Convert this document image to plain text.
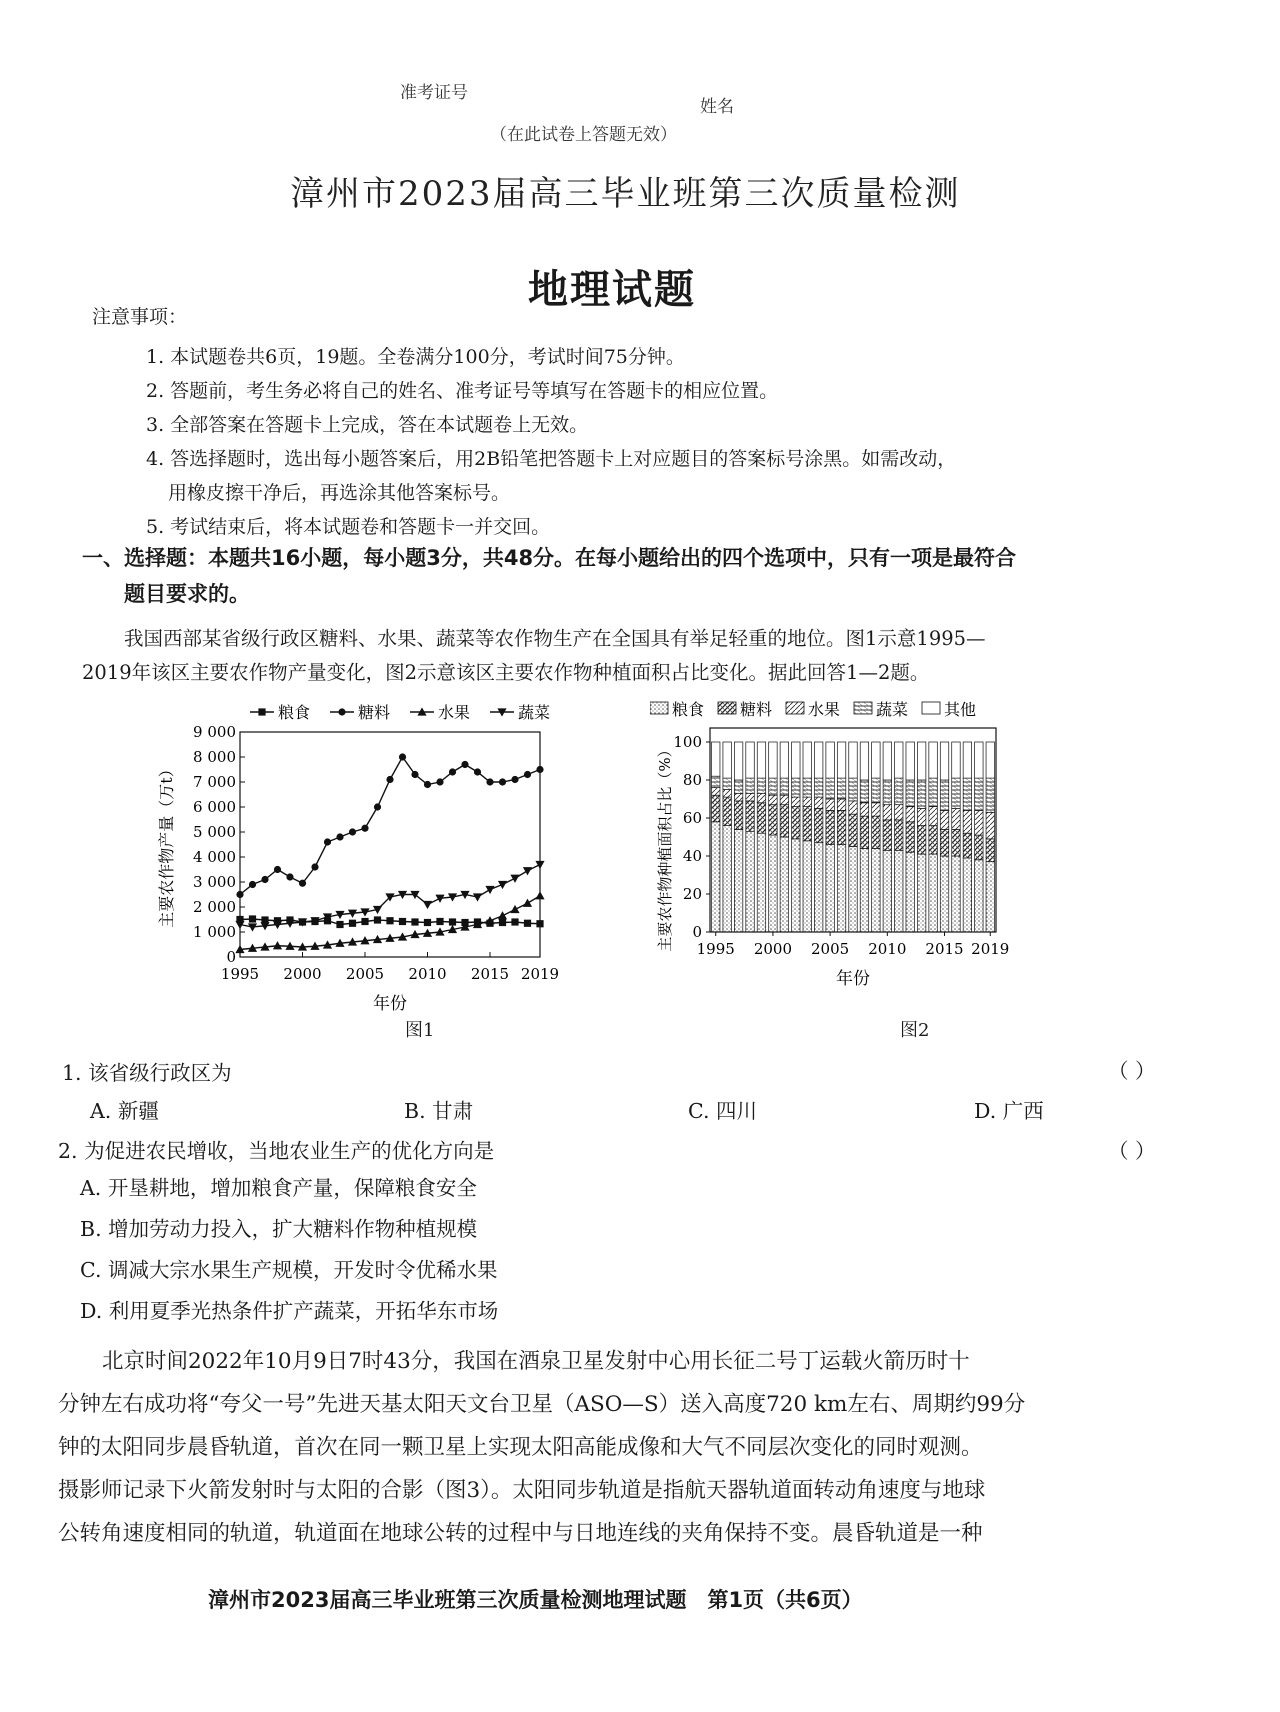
准考证号
姓名
（在此试卷上答题无效）
漳州市2023届高三毕业班第三次质量检测
地理试题
注意事项：
1. 本试题卷共6页，19题。全卷满分100分，考试时间75分钟。
2. 答题前，考生务必将自己的姓名、准考证号等填写在答题卡的相应位置。
3. 全部答案在答题卡上完成，答在本试题卷上无效。
4. 答选择题时，选出每小题答案后，用2B铅笔把答题卡上对应题目的答案标号涂黑。如需改动，
用橡皮擦干净后，再选涂其他答案标号。
5. 考试结束后，将本试题卷和答题卡一并交回。
一、选择题：本题共16小题，每小题3分，共48分。在每小题给出的四个选项中，只有一项是最符合
题目要求的。
我国西部某省级行政区糖料、水果、蔬菜等农作物生产在全国具有举足轻重的地位。图1示意1995—
2019年该区主要农作物产量变化，图2示意该区主要农作物种植面积占比变化。据此回答1—2题。
0
1 000
2 000
3 000
4 000
5 000
6 000
7 000
8 000
9 000
1995 2000 2005 2010 2015 2019
年份
主要农作物产量（万t）
粮食	糖料	水果	蔬菜
图1
0
20
40
60
80
100
1995 2000 2005 2010 2015 2019
年份
主要农作物种植面积占比（%）
粮食 糖料 水果 蔬菜 其他
图2
1. 该省级行政区为	（ ）
A. 新疆	B. 甘肃	C. 四川	D. 广西
2. 为促进农民增收，当地农业生产的优化方向是	（ ）
A. 开垦耕地，增加粮食产量，保障粮食安全
B. 增加劳动力投入，扩大糖料作物种植规模
C. 调减大宗水果生产规模，开发时令优稀水果
D. 利用夏季光热条件扩产蔬菜，开拓华东市场
北京时间2022年10月9日7时43分，我国在酒泉卫星发射中心用长征二号丁运载火箭历时十
分钟左右成功将“夸父一号”先进天基太阳天文台卫星（ASO—S）送入高度720 km左右、周期约99分
钟的太阳同步晨昏轨道，首次在同一颗卫星上实现太阳高能成像和大气不同层次变化的同时观测。
摄影师记录下火箭发射时与太阳的合影（图3）。太阳同步轨道是指航天器轨道面转动角速度与地球
公转角速度相同的轨道，轨道面在地球公转的过程中与日地连线的夹角保持不变。晨昏轨道是一种
漳州市2023届高三毕业班第三次质量检测地理试题　第1页（共6页）
